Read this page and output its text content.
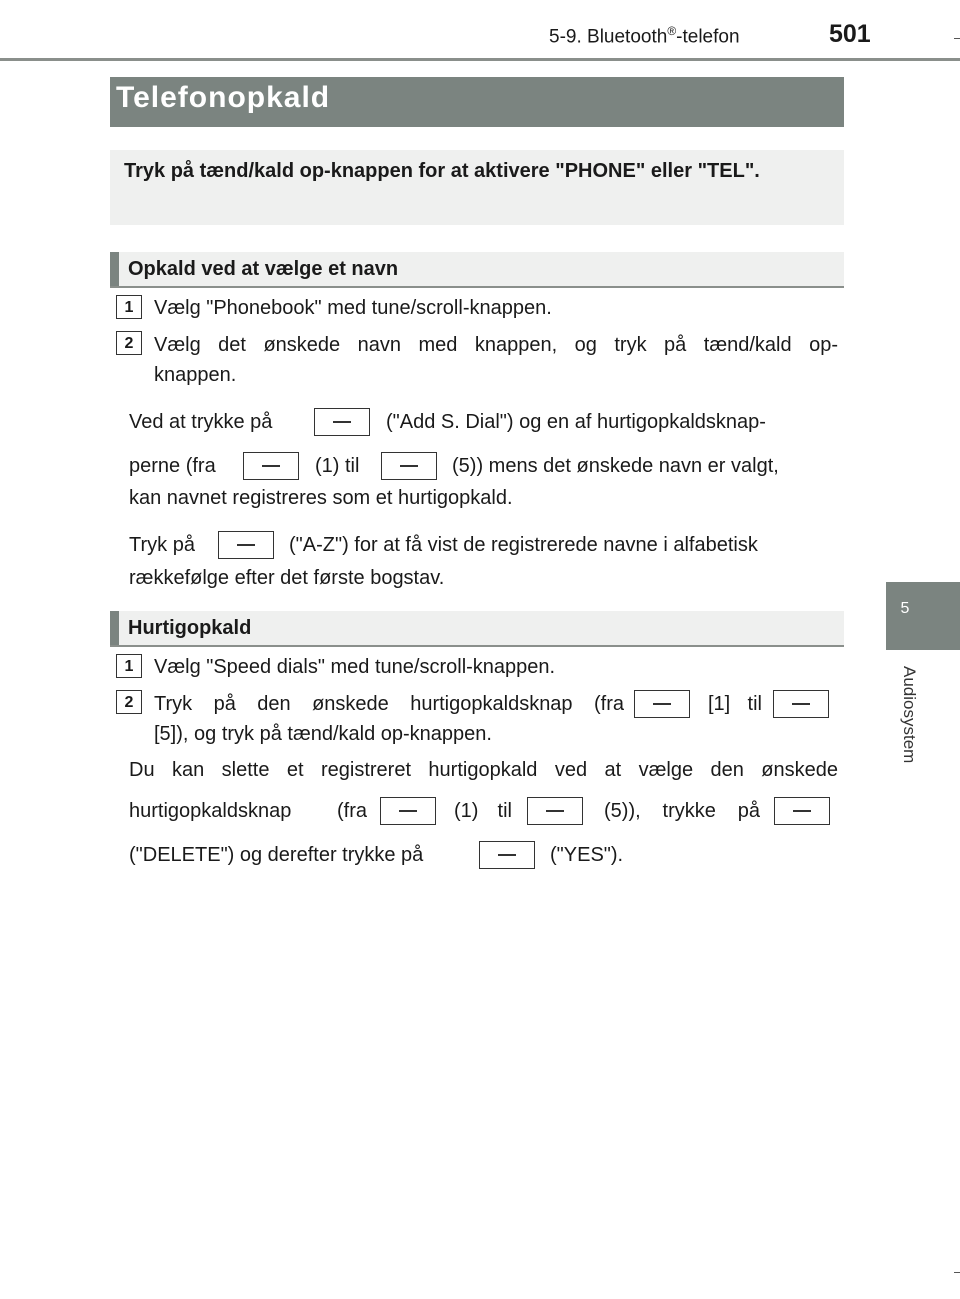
5-9. Bluetooth®-telefon	501
5
Audiosystem
Telefonopkald
Tryk på tænd/kald op-knappen for at aktivere "PHONE" eller "TEL".
Opkald ved at vælge et navn
1	Vælg "Phonebook" med tune/scroll-knappen.
2	Vælg det ønskede navn med knappen, og tryk på tænd/kald op-
knappen.
Ved at trykke på	("Add S. Dial") og en af hurtigopkaldsknap-
perne (fra	(1) til	(5)) mens det ønskede navn er valgt,
kan navnet registreres som et hurtigopkald.
Tryk på	("A-Z") for at få vist de registrerede navne i alfabetisk
rækkefølge efter det første bogstav.
Hurtigopkald
1	Vælg "Speed dials" med tune/scroll-knappen.
2	Tryk på den ønskede hurtigopkaldsknap (fra	[1] til
[5]), og tryk på tænd/kald op-knappen.
Du kan slette et registreret hurtigopkald ved at vælge den ønskede
hurtigopkaldsknap (fra	(1) til	(5)), trykke på
("DELETE") og derefter trykke på	("YES").
